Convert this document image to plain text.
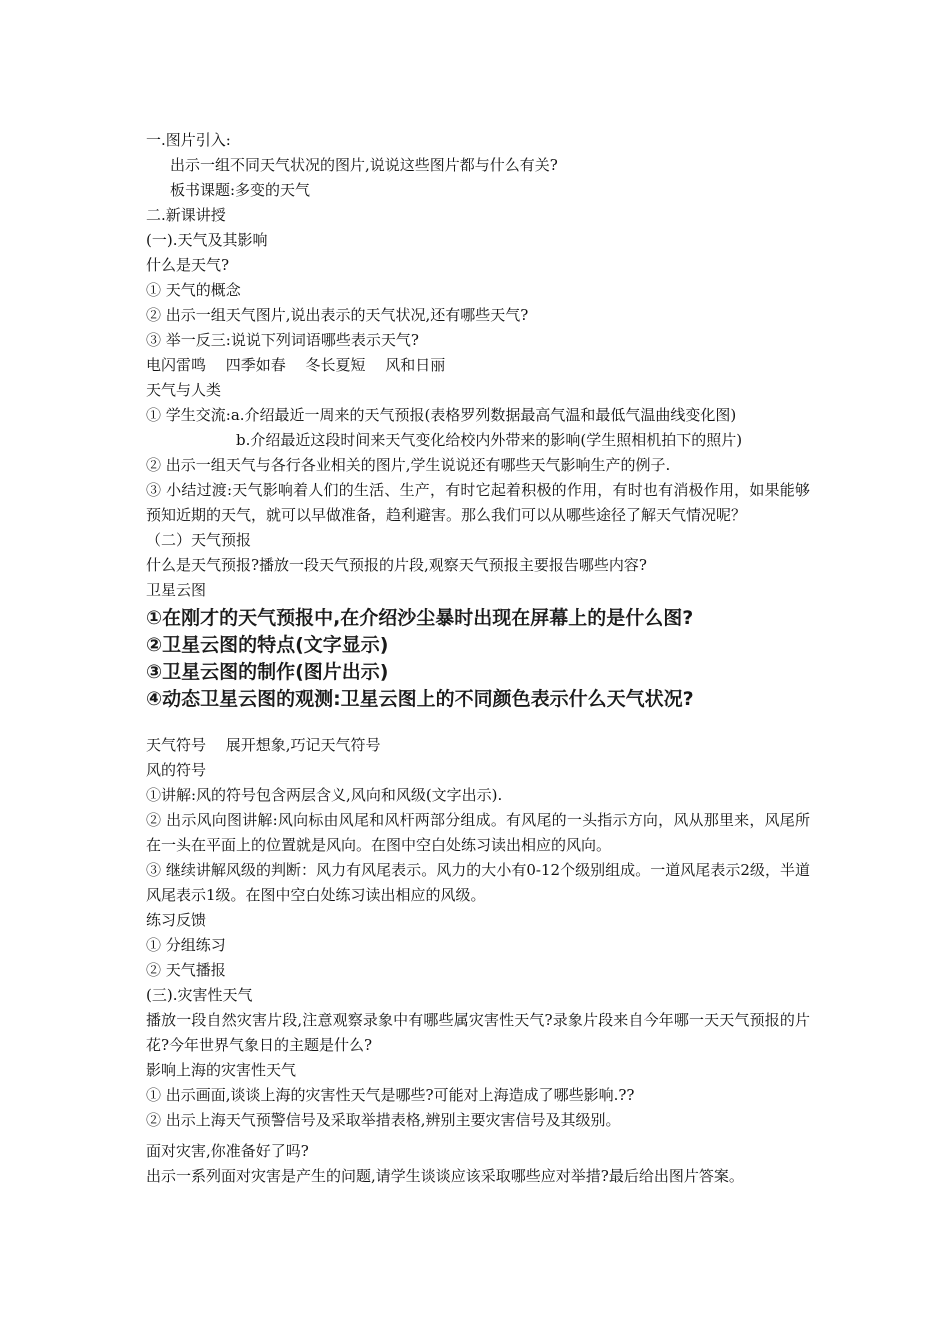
一.图片引入:

出示一组不同天气状况的图片,说说这些图片都与什么有关?

板书课题:多变的天气

二.新课讲授

(一).天气及其影响

什么是天气?

① 天气的概念

② 出示一组天气图片,说出表示的天气状况,还有哪些天气?

③ 举一反三:说说下列词语哪些表示天气?

电闪雷鸣　 四季如春　 冬长夏短　 风和日丽

天气与人类

① 学生交流:a.介绍最近一周来的天气预报(表格罗列数据最高气温和最低气温曲线变化图)

b.介绍最近这段时间来天气变化给校内外带来的影响(学生照相机拍下的照片)

② 出示一组天气与各行各业相关的图片,学生说说还有哪些天气影响生产的例子.

③ 小结过渡:天气影响着人们的生活、生产，有时它起着积极的作用，有时也有消极作用，如果能够预知近期的天气，就可以早做准备，趋利避害。那么我们可以从哪些途径了解天气情况呢？

（二）天气预报

什么是天气预报?播放一段天气预报的片段,观察天气预报主要报告哪些内容?

卫星云图

①在刚才的天气预报中,在介绍沙尘暴时出现在屏幕上的是什么图?

②卫星云图的特点(文字显示)

③卫星云图的制作(图片出示)

④动态卫星云图的观测:卫星云图上的不同颜色表示什么天气状况?

天气符号　 展开想象,巧记天气符号

风的符号

①讲解:风的符号包含两层含义,风向和风级(文字出示).

② 出示风向图讲解:风向标由风尾和风杆两部分组成。有风尾的一头指示方向，风从那里来，风尾所在一头在平面上的位置就是风向。在图中空白处练习读出相应的风向。

③ 继续讲解风级的判断：风力有风尾表示。风力的大小有0-12个级别组成。一道风尾表示2级，半道风尾表示1级。在图中空白处练习读出相应的风级。

练习反馈

① 分组练习

② 天气播报

(三).灾害性天气

播放一段自然灾害片段,注意观察录象中有哪些属灾害性天气?录象片段来自今年哪一天天气预报的片花?今年世界气象日的主题是什么?

影响上海的灾害性天气

① 出示画面,谈谈上海的灾害性天气是哪些?可能对上海造成了哪些影响.??

② 出示上海天气预警信号及采取举措表格,辨别主要灾害信号及其级别。

面对灾害,你准备好了吗?

出示一系列面对灾害是产生的问题,请学生谈谈应该采取哪些应对举措?最后给出图片答案。
